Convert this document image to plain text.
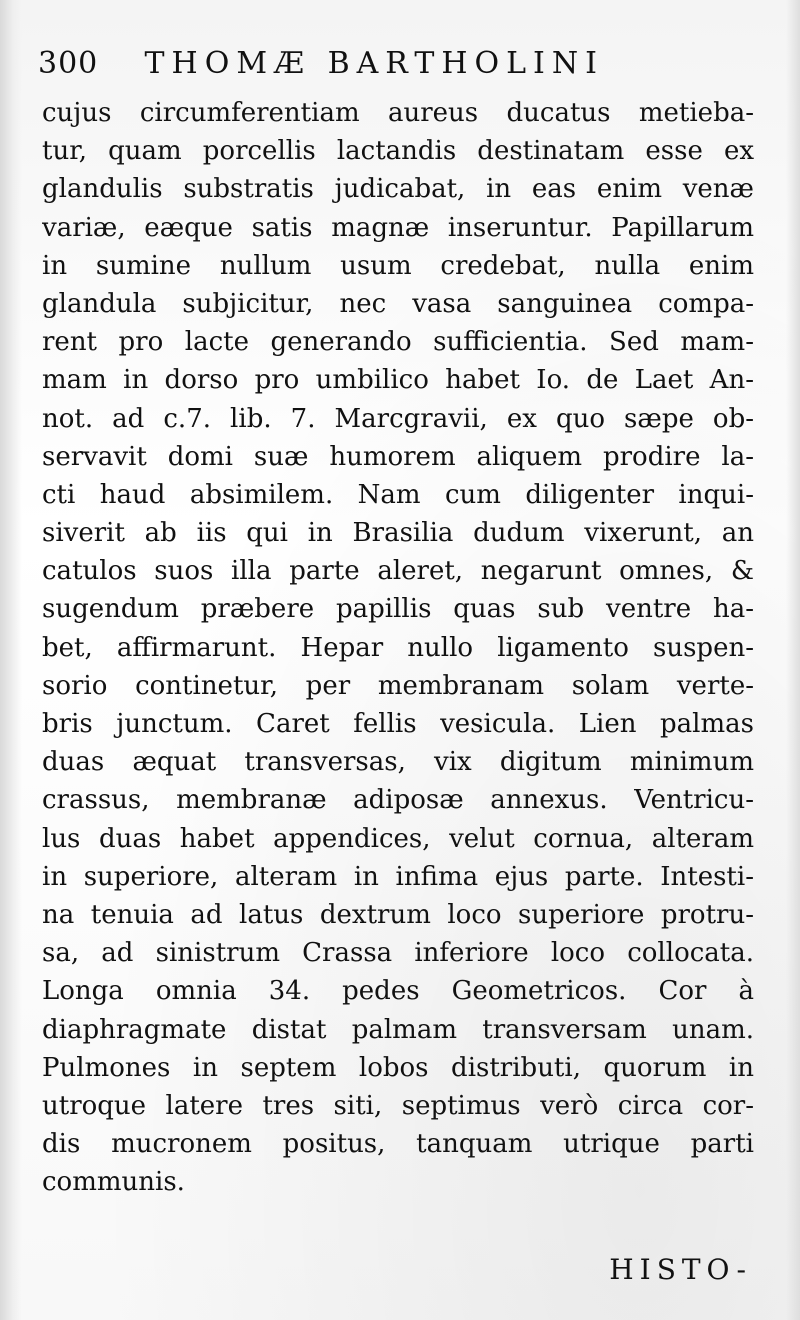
300 THOMÆ BARTHOLINI
cujus circumferentiam aureus ducatus metieba-
tur, quam porcellis lactandis destinatam esse ex
glandulis substratis judicabat, in eas enim venæ
variæ, eæque satis magnæ inseruntur. Papillarum
in sumine nullum usum credebat, nulla enim
glandula subjicitur, nec vasa sanguinea compa-
rent pro lacte generando sufficientia. Sed mam-
mam in dorso pro umbilico habet Io. de Laet An-
not. ad c.7. lib. 7. Marcgravii, ex quo sæpe ob-
servavit domi suæ humorem aliquem prodire la-
cti haud absimilem. Nam cum diligenter inqui-
siverit ab iis qui in Brasilia dudum vixerunt, an
catulos suos illa parte aleret, negarunt omnes, &
sugendum præbere papillis quas sub ventre ha-
bet, affirmarunt. Hepar nullo ligamento suspen-
sorio continetur, per membranam solam verte-
bris junctum. Caret fellis vesicula. Lien palmas
duas æquat transversas, vix digitum minimum
crassus, membranæ adiposæ annexus. Ventricu-
lus duas habet appendices, velut cornua, alteram
in superiore, alteram in infima ejus parte. Intesti-
na tenuia ad latus dextrum loco superiore protru-
sa, ad sinistrum Crassa inferiore loco collocata.
Longa omnia 34. pedes Geometricos. Cor à
diaphragmate distat palmam transversam unam.
Pulmones in septem lobos distributi, quorum in
utroque latere tres siti, septimus verò circa cor-
dis mucronem positus, tanquam utrique parti
communis.
HISTO-
